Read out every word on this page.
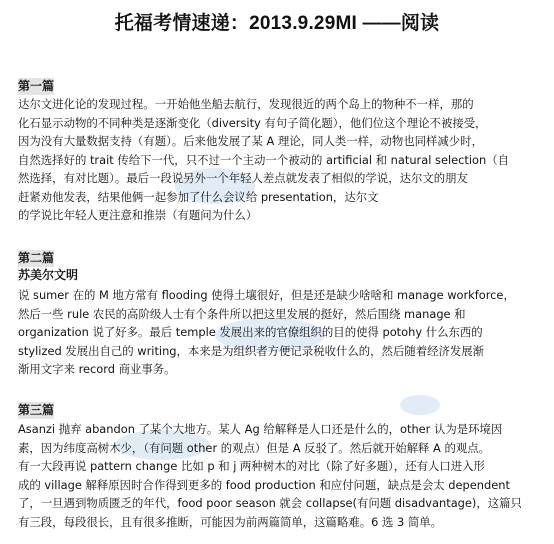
托福考情速递：2013.9.29MI ——阅读
第一篇
达尔文进化论的发现过程。一开始他坐船去航行，发现很近的两个岛上的物种不一样，那的
化石显示动物的不同种类是逐渐变化（diversity 有句子简化题），他们位这个理论不被接受，
因为没有大量数据支持（有题）。后来他发展了某 A 理论，同人类一样，动物也同样减少时，
自然选择好的 trait 传给下一代，只不过一个主动一个被动的 artificial 和 natural selection（自
然选择，有对比题）。最后一段说另外一个年轻人差点就发表了相似的学说，达尔文的朋友
赶紧劝他发表，结果他俩一起参加了什么会议给 presentation，达尔文
的学说比年轻人更注意和推崇（有题问为什么）
第二篇
苏美尔文明
说 sumer 在的 M 地方常有 flooding 使得土壤很好，但是还是缺少啥啥和 manage workforce，
然后一些 rule 农民的高阶级人士有个条件所以把这里发展的挺好，然后围绕 manage 和
organization 说了好多。最后 temple 发展出来的官僚组织的目的使得 potohy 什么东西的
stylized 发展出自己的 writing，本来是为组织者方便记录税收什么的，然后随着经济发展渐
渐用文字来 record 商业事务。
第三篇
Asanzi 抛弃 abandon 了某个大地方。某人 Ag 给解释是人口还是什么的，other 认为是环境因
素，因为纬度高树木少，（有问题 other 的观点）但是 A 反驳了。然后就开始解释 A 的观点。
有一大段再说 pattern change 比如 p 和 j 两种树木的对比（除了好多题），还有人口进入形
成的 village 解释原因时合作得到更多的 food production 和应付问题，缺点是会太 dependent
了，一旦遇到物质匮乏的年代，food poor season 就会 collapse(有问题 disadvantage)，这篇只
有三段，每段很长，且有很多推断，可能因为前两篇简单，这篇略难。6 选 3 简单。
